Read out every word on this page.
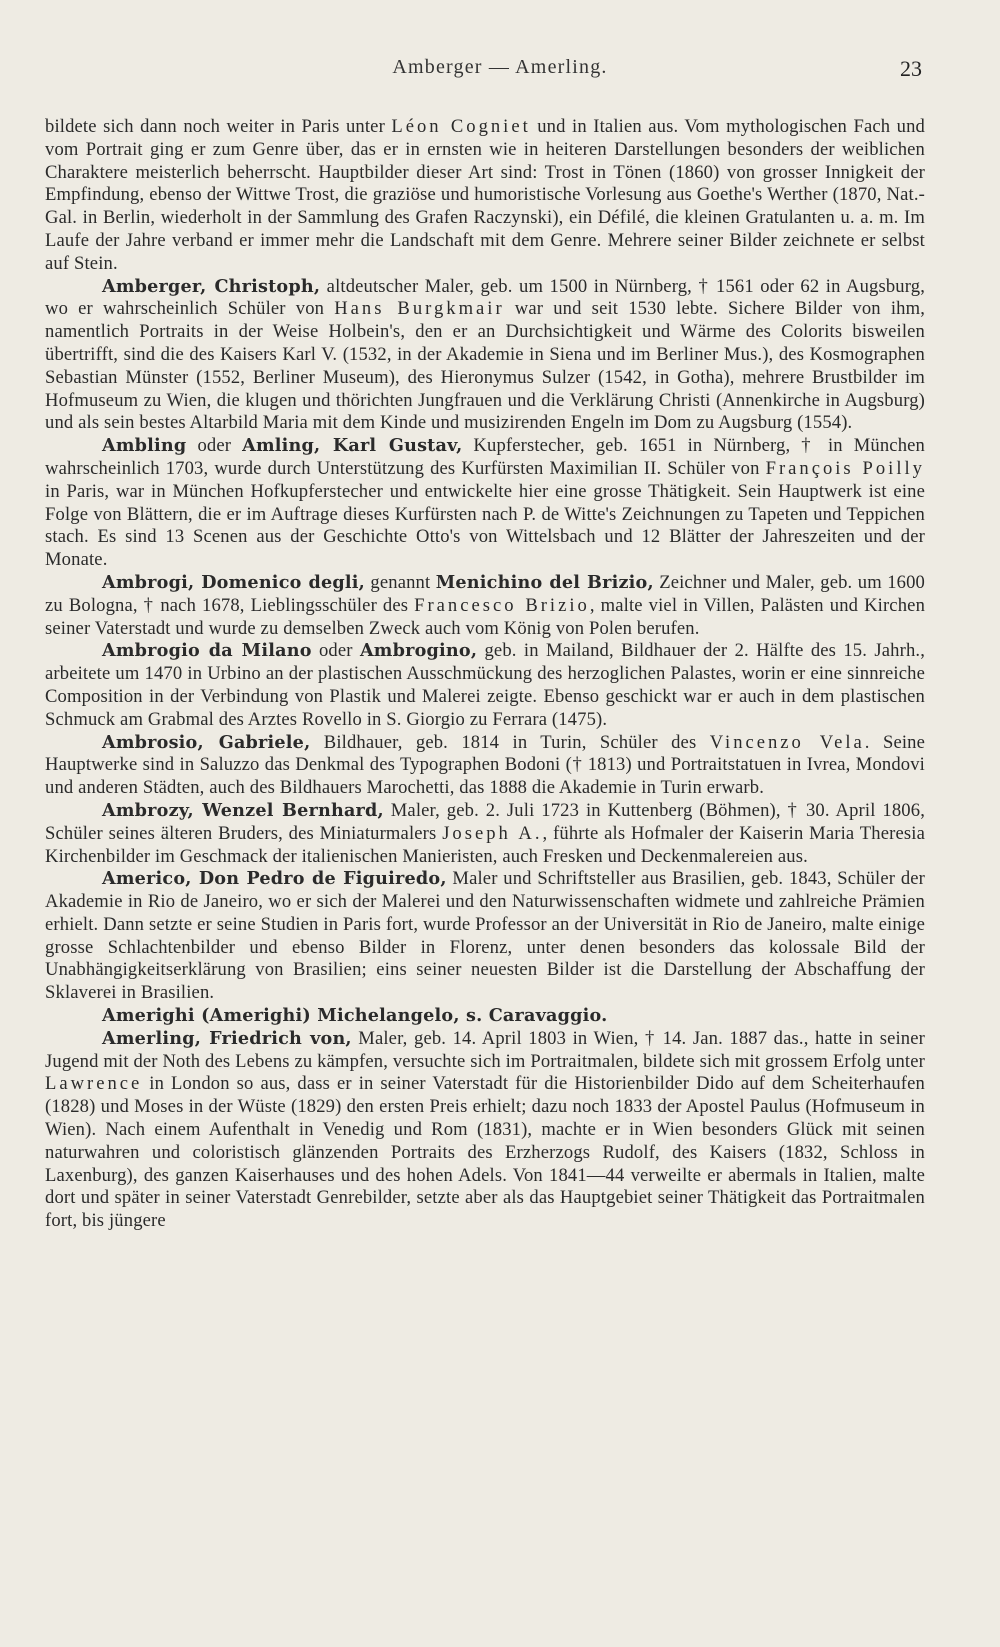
Amberger — Amerling.	23

bildete sich dann noch weiter in Paris unter Léon Cogniet und in Italien aus. Vom mythologischen Fach und vom Portrait ging er zum Genre über, das er in ernsten wie in heiteren Darstellungen besonders der weiblichen Charaktere meisterlich beherrscht. Hauptbilder dieser Art sind: Trost in Tönen (1860) von grosser Innigkeit der Empfindung, ebenso der Wittwe Trost, die graziöse und humoristische Vorlesung aus Goethe's Werther (1870, Nat.-Gal. in Berlin, wiederholt in der Sammlung des Grafen Raczynski), ein Défilé, die kleinen Gratulanten u. a. m. Im Laufe der Jahre verband er immer mehr die Landschaft mit dem Genre. Mehrere seiner Bilder zeichnete er selbst auf Stein.

Amberger, Christoph, altdeutscher Maler, geb. um 1500 in Nürnberg, † 1561 oder 62 in Augsburg, wo er wahrscheinlich Schüler von Hans Burgkmair war und seit 1530 lebte. Sichere Bilder von ihm, namentlich Portraits in der Weise Holbein's, den er an Durchsichtigkeit und Wärme des Colorits bisweilen übertrifft, sind die des Kaisers Karl V. (1532, in der Akademie in Siena und im Berliner Mus.), des Kosmographen Sebastian Münster (1552, Berliner Museum), des Hieronymus Sulzer (1542, in Gotha), mehrere Brustbilder im Hofmuseum zu Wien, die klugen und thörichten Jungfrauen und die Verklärung Christi (Annenkirche in Augsburg) und als sein bestes Altarbild Maria mit dem Kinde und musizirenden Engeln im Dom zu Augsburg (1554).

Ambling oder Amling, Karl Gustav, Kupferstecher, geb. 1651 in Nürnberg, † in München wahrscheinlich 1703, wurde durch Unterstützung des Kurfürsten Maximilian II. Schüler von François Poilly in Paris, war in München Hofkupferstecher und entwickelte hier eine grosse Thätigkeit. Sein Hauptwerk ist eine Folge von Blättern, die er im Auftrage dieses Kurfürsten nach P. de Witte's Zeichnungen zu Tapeten und Teppichen stach. Es sind 13 Scenen aus der Geschichte Otto's von Wittelsbach und 12 Blätter der Jahreszeiten und der Monate.

Ambrogi, Domenico degli, genannt Menichino del Brizio, Zeichner und Maler, geb. um 1600 zu Bologna, † nach 1678, Lieblingsschüler des Francesco Brizio, malte viel in Villen, Palästen und Kirchen seiner Vaterstadt und wurde zu demselben Zweck auch vom König von Polen berufen.

Ambrogio da Milano oder Ambrogino, geb. in Mailand, Bildhauer der 2. Hälfte des 15. Jahrh., arbeitete um 1470 in Urbino an der plastischen Ausschmückung des herzoglichen Palastes, worin er eine sinnreiche Composition in der Verbindung von Plastik und Malerei zeigte. Ebenso geschickt war er auch in dem plastischen Schmuck am Grabmal des Arztes Rovello in S. Giorgio zu Ferrara (1475).

Ambrosio, Gabriele, Bildhauer, geb. 1814 in Turin, Schüler des Vincenzo Vela. Seine Hauptwerke sind in Saluzzo das Denkmal des Typographen Bodoni († 1813) und Portraitstatuen in Ivrea, Mondovi und anderen Städten, auch des Bildhauers Marochetti, das 1888 die Akademie in Turin erwarb.

Ambrozy, Wenzel Bernhard, Maler, geb. 2. Juli 1723 in Kuttenberg (Böhmen), † 30. April 1806, Schüler seines älteren Bruders, des Miniaturmalers Joseph A., führte als Hofmaler der Kaiserin Maria Theresia Kirchenbilder im Geschmack der italienischen Manieristen, auch Fresken und Deckenmalereien aus.

Americo, Don Pedro de Figuiredo, Maler und Schriftsteller aus Brasilien, geb. 1843, Schüler der Akademie in Rio de Janeiro, wo er sich der Malerei und den Naturwissenschaften widmete und zahlreiche Prämien erhielt. Dann setzte er seine Studien in Paris fort, wurde Professor an der Universität in Rio de Janeiro, malte einige grosse Schlachtenbilder und ebenso Bilder in Florenz, unter denen besonders das kolossale Bild der Unabhängigkeitserklärung von Brasilien; eins seiner neuesten Bilder ist die Darstellung der Abschaffung der Sklaverei in Brasilien.

Amerighi (Amerighi) Michelangelo, s. Caravaggio.

Amerling, Friedrich von, Maler, geb. 14. April 1803 in Wien, † 14. Jan. 1887 das., hatte in seiner Jugend mit der Noth des Lebens zu kämpfen, versuchte sich im Portraitmalen, bildete sich mit grossem Erfolg unter Lawrence in London so aus, dass er in seiner Vaterstadt für die Historienbilder Dido auf dem Scheiterhaufen (1828) und Moses in der Wüste (1829) den ersten Preis erhielt; dazu noch 1833 der Apostel Paulus (Hofmuseum in Wien). Nach einem Aufenthalt in Venedig und Rom (1831), machte er in Wien besonders Glück mit seinen naturwahren und coloristisch glänzenden Portraits des Erzherzogs Rudolf, des Kaisers (1832, Schloss in Laxenburg), des ganzen Kaiserhauses und des hohen Adels. Von 1841—44 verweilte er abermals in Italien, malte dort und später in seiner Vaterstadt Genrebilder, setzte aber als das Hauptgebiet seiner Thätigkeit das Portraitmalen fort, bis jüngere
